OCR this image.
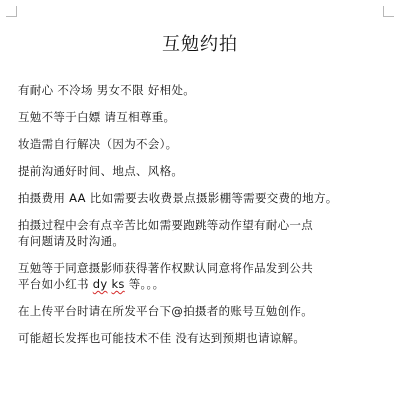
互勉约拍

有耐心 不冷场 男女不限 好相处。

互勉不等于白嫖 请互相尊重。

妆造需自行解决（因为不会）。

提前沟通好时间、地点、风格。

拍摄费用 AA 比如需要去收费景点摄影棚等需要交费的地方。

拍摄过程中会有点辛苦比如需要跑跳等动作望有耐心一点

有问题请及时沟通。

互勉等于同意摄影师获得著作权默认同意将作品发到公共

平台如小红书 dy ks 等。。。

在上传平台时请在所发平台下@拍摄者的账号互勉创作。

可能超长发挥也可能技术不佳 没有达到预期也请谅解。
